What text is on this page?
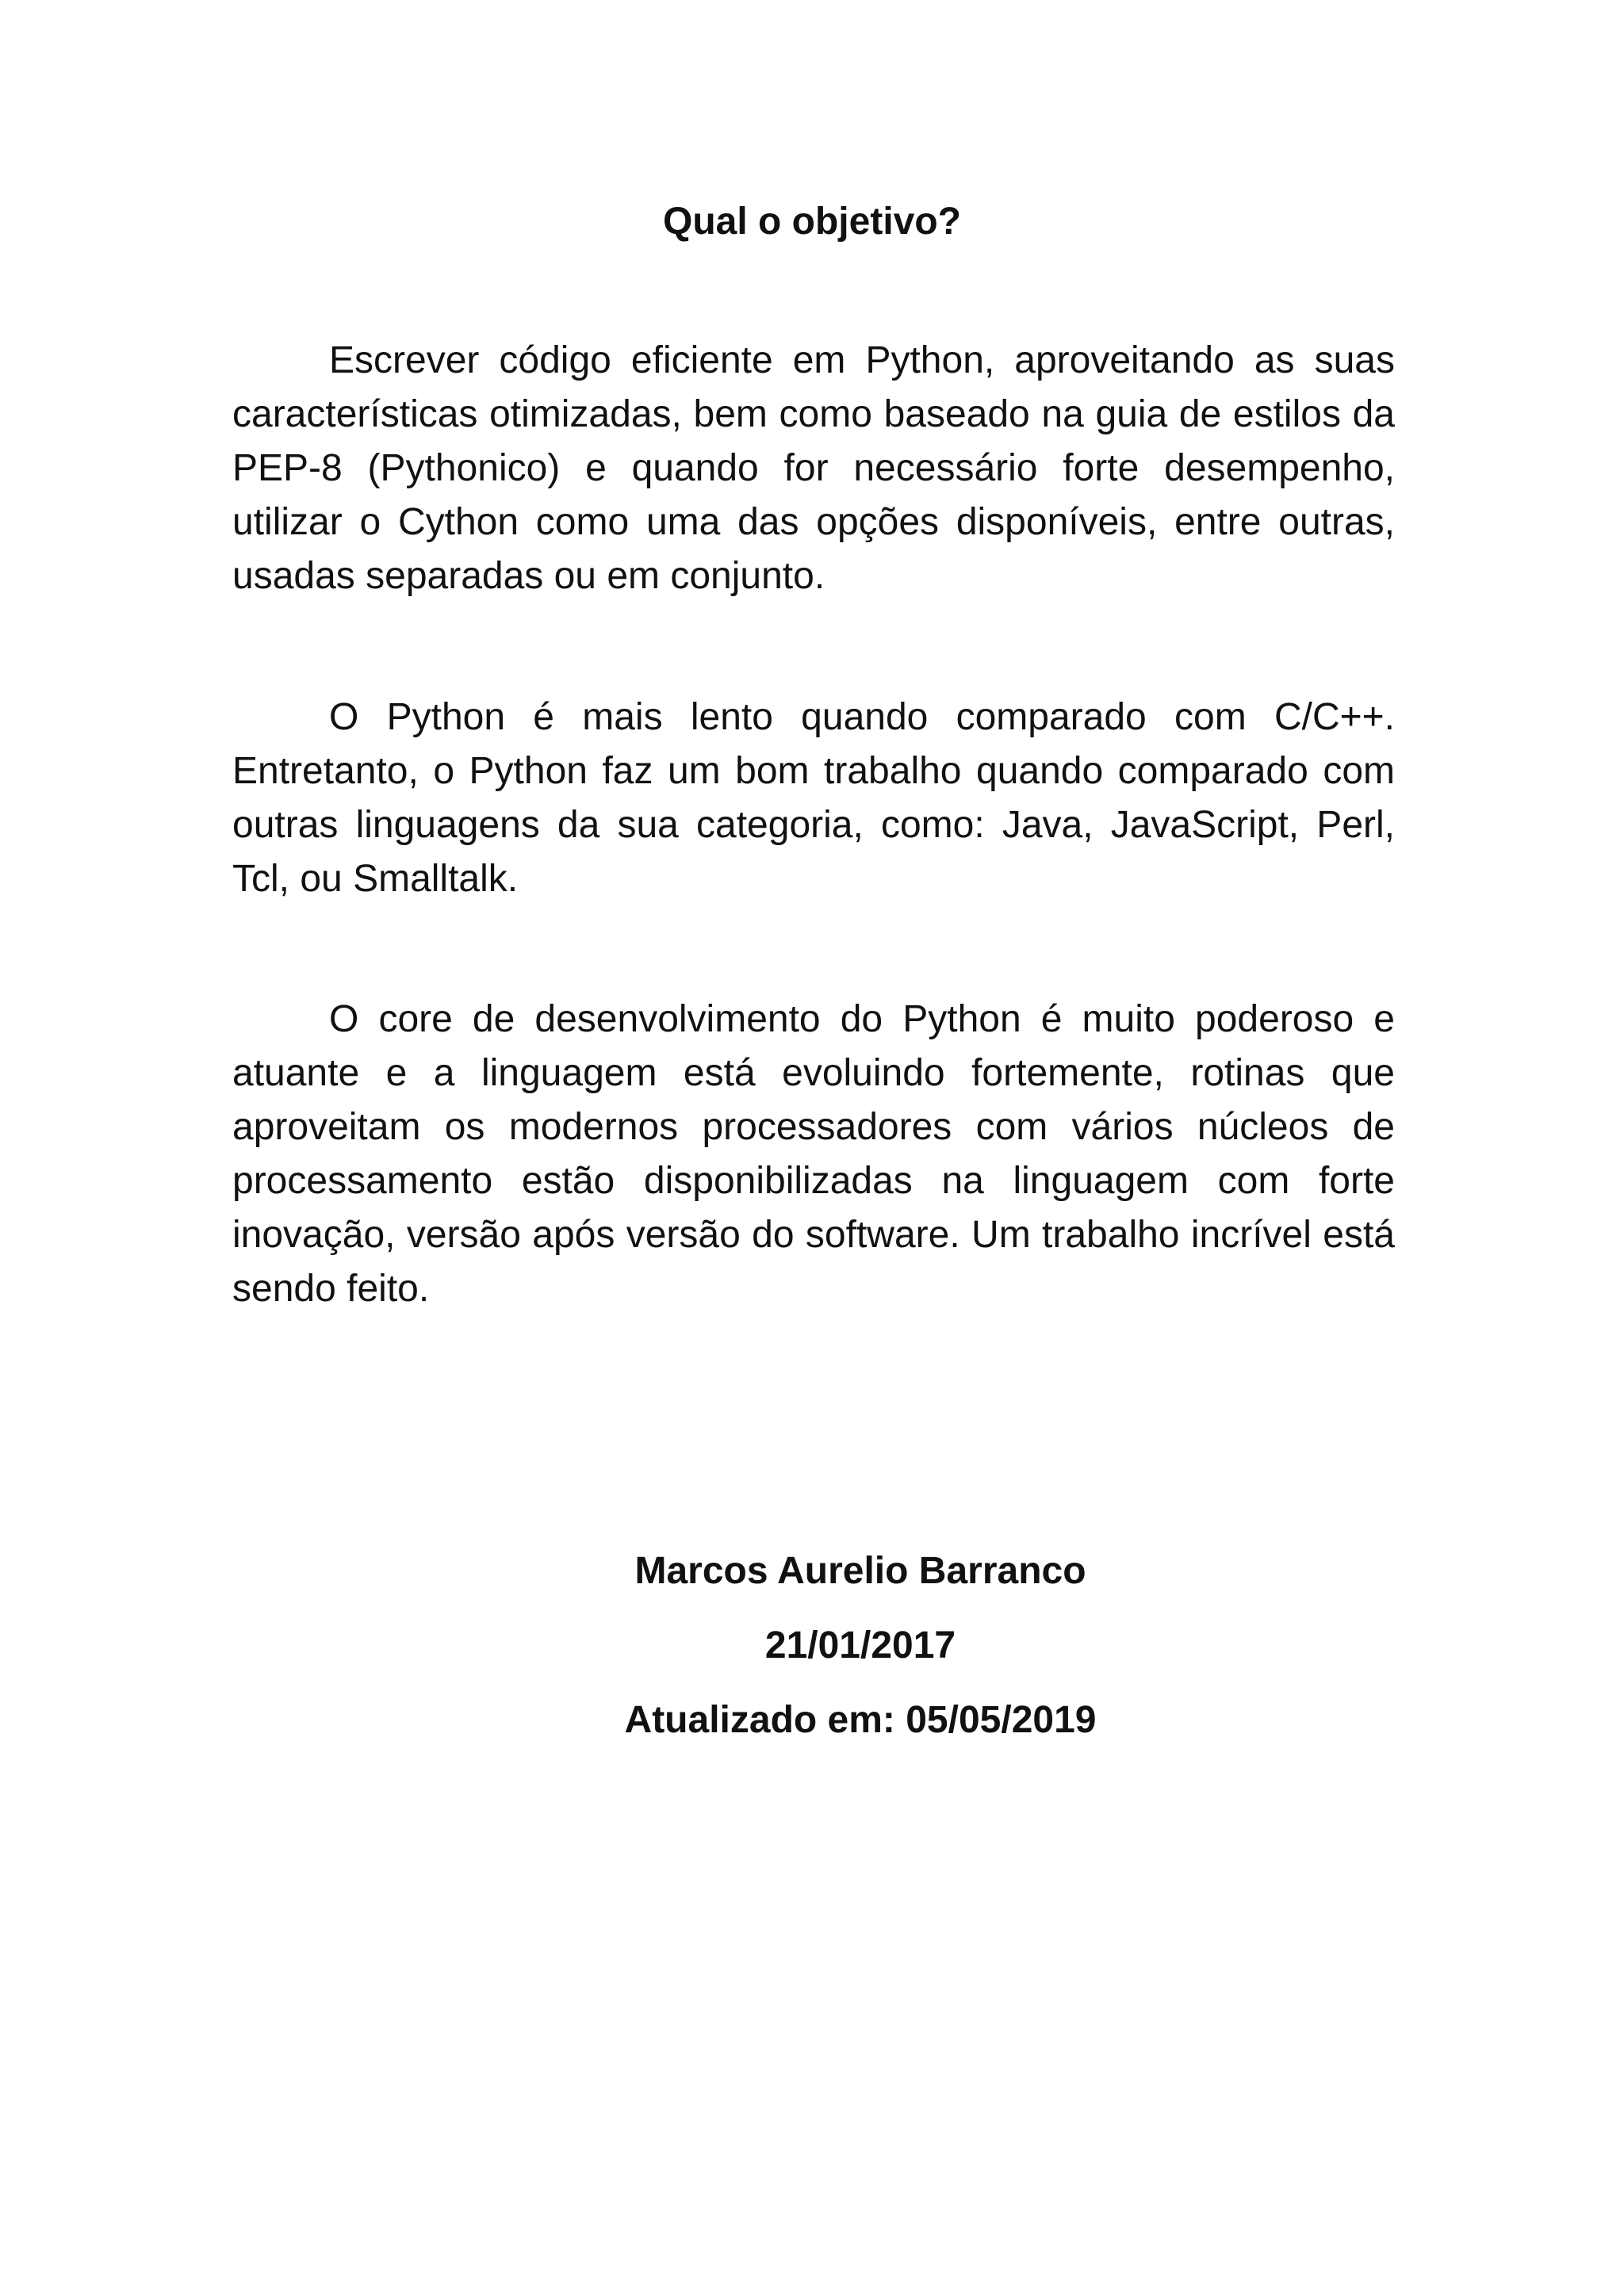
Qual o objetivo?

Escrever código eficiente em Python, aproveitando as suas características otimizadas, bem como baseado na guia de estilos da PEP-8 (Pythonico) e quando for necessário forte desempenho, utilizar o Cython como uma das opções disponíveis, entre outras, usadas separadas ou em conjunto.

O Python é mais lento quando comparado com C/C++. Entretanto, o Python faz um bom trabalho quando comparado com outras linguagens da sua categoria, como: Java, JavaScript, Perl, Tcl, ou Smalltalk.

O core de desenvolvimento do Python é muito poderoso e atuante e a linguagem está evoluindo fortemente, rotinas que aproveitam os modernos processadores com vários núcleos de processamento estão disponibilizadas na linguagem com forte inovação, versão após versão do software. Um trabalho incrível está sendo feito.

Marcos Aurelio Barranco
21/01/2017
Atualizado em: 05/05/2019
